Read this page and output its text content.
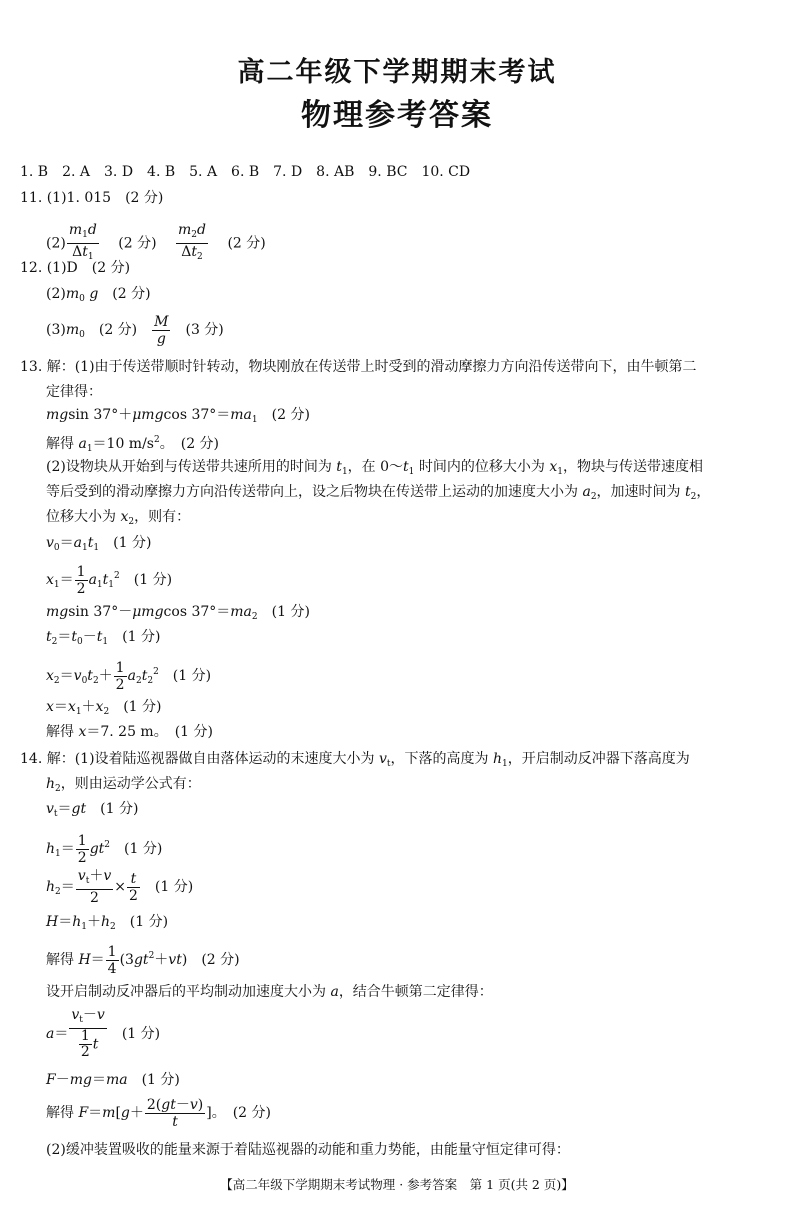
高二年级下学期期末考试
物理参考答案
1. B　2. A　3. D　4. B　5. A　6. B　7. D　8. AB　9. BC　10. CD
11. (1)1. 015　(2 分)
$(2) \frac{m_1d}{\Delta t_1} (2$ 分) $\frac{m_2d}{\Delta t_2} (2$ 分)
12. (1)D　(2 分)
$(2)m_0$ g　 (2 分)
$(3)m_0$　 (2 分) $\frac{M}{g}$
　 (3 分)
13. 解：(1)由于传送带顺时针转动，物块刚放在传送带上时受到的滑动摩擦力方向沿传送带向下，由牛顿第二
定律得：
mgsin 37°＋μmgcos $37^\circ=ma_1$　 (2 分)
解得 $a_1=10$ $m/s^2$。　(2 分)
(2)设物块从开始到与传送带共速所用的时间为 $t_1$，在 $0\sim t_1$ 时间内的位移大小为 $x_1$，物块与传送带速度相
等后受到的滑动摩擦力方向沿传送带向上，设之后物块在传送带上运动的加速度大小为 $a_2$，加速时间为 $t_2$，
位移大小为 $x_2$，则有：
$v_0=a_1t_1$　 (1 分)
$x_1= \frac{1}{2} a_1t_1^2$　 (1 分)
mgsin 37°－μmgcos $37^\circ=ma_2$　 (1 分)
$t_2=t_0-t_1$　 (1 分)
$x_2=v_0t_2+ \frac{1}{2} a_2t_2^2$　 (1 分)
$x=x_1+x_2$　 (1 分)
解得 x＝7. 25 m。　(1 分)
14. 解：(1)设着陆巡视器做自由落体运动的末速度大小为 $v_t$，下落的高度为 $h_1$，开启制动反冲器下落高度为
$h_2$，则由运动学公式有：
$v_t=gt$　 (1 分)
$h_1= \frac{1}{2} gt^2$　 (1 分)
$h_2= \frac{v_t+v}{2} \times \frac{t}{2}$
　 (1 分)
$H=h_1+h_2$　 (1 分)
解得 $H= \frac{1}{4} (3gt^2+vt)$　(2 分)
设开启制动反冲器后的平均制动加速度大小为 a，结合牛顿第二定律得：
$a= \frac{v_t-v}{\frac{1}{2} t}$
　 (1 分)
F－mg＝ma　 (1 分)
解得 $F=m[g+ \frac{2(gt-v)}{t}$ ]。　(2 分)
(2)缓冲装置吸收的能量来源于着陆巡视器的动能和重力势能，由能量守恒定律可得：
【高二年级下学期期末考试物理 · 参考答案　第 1 页(共 2 页)】
